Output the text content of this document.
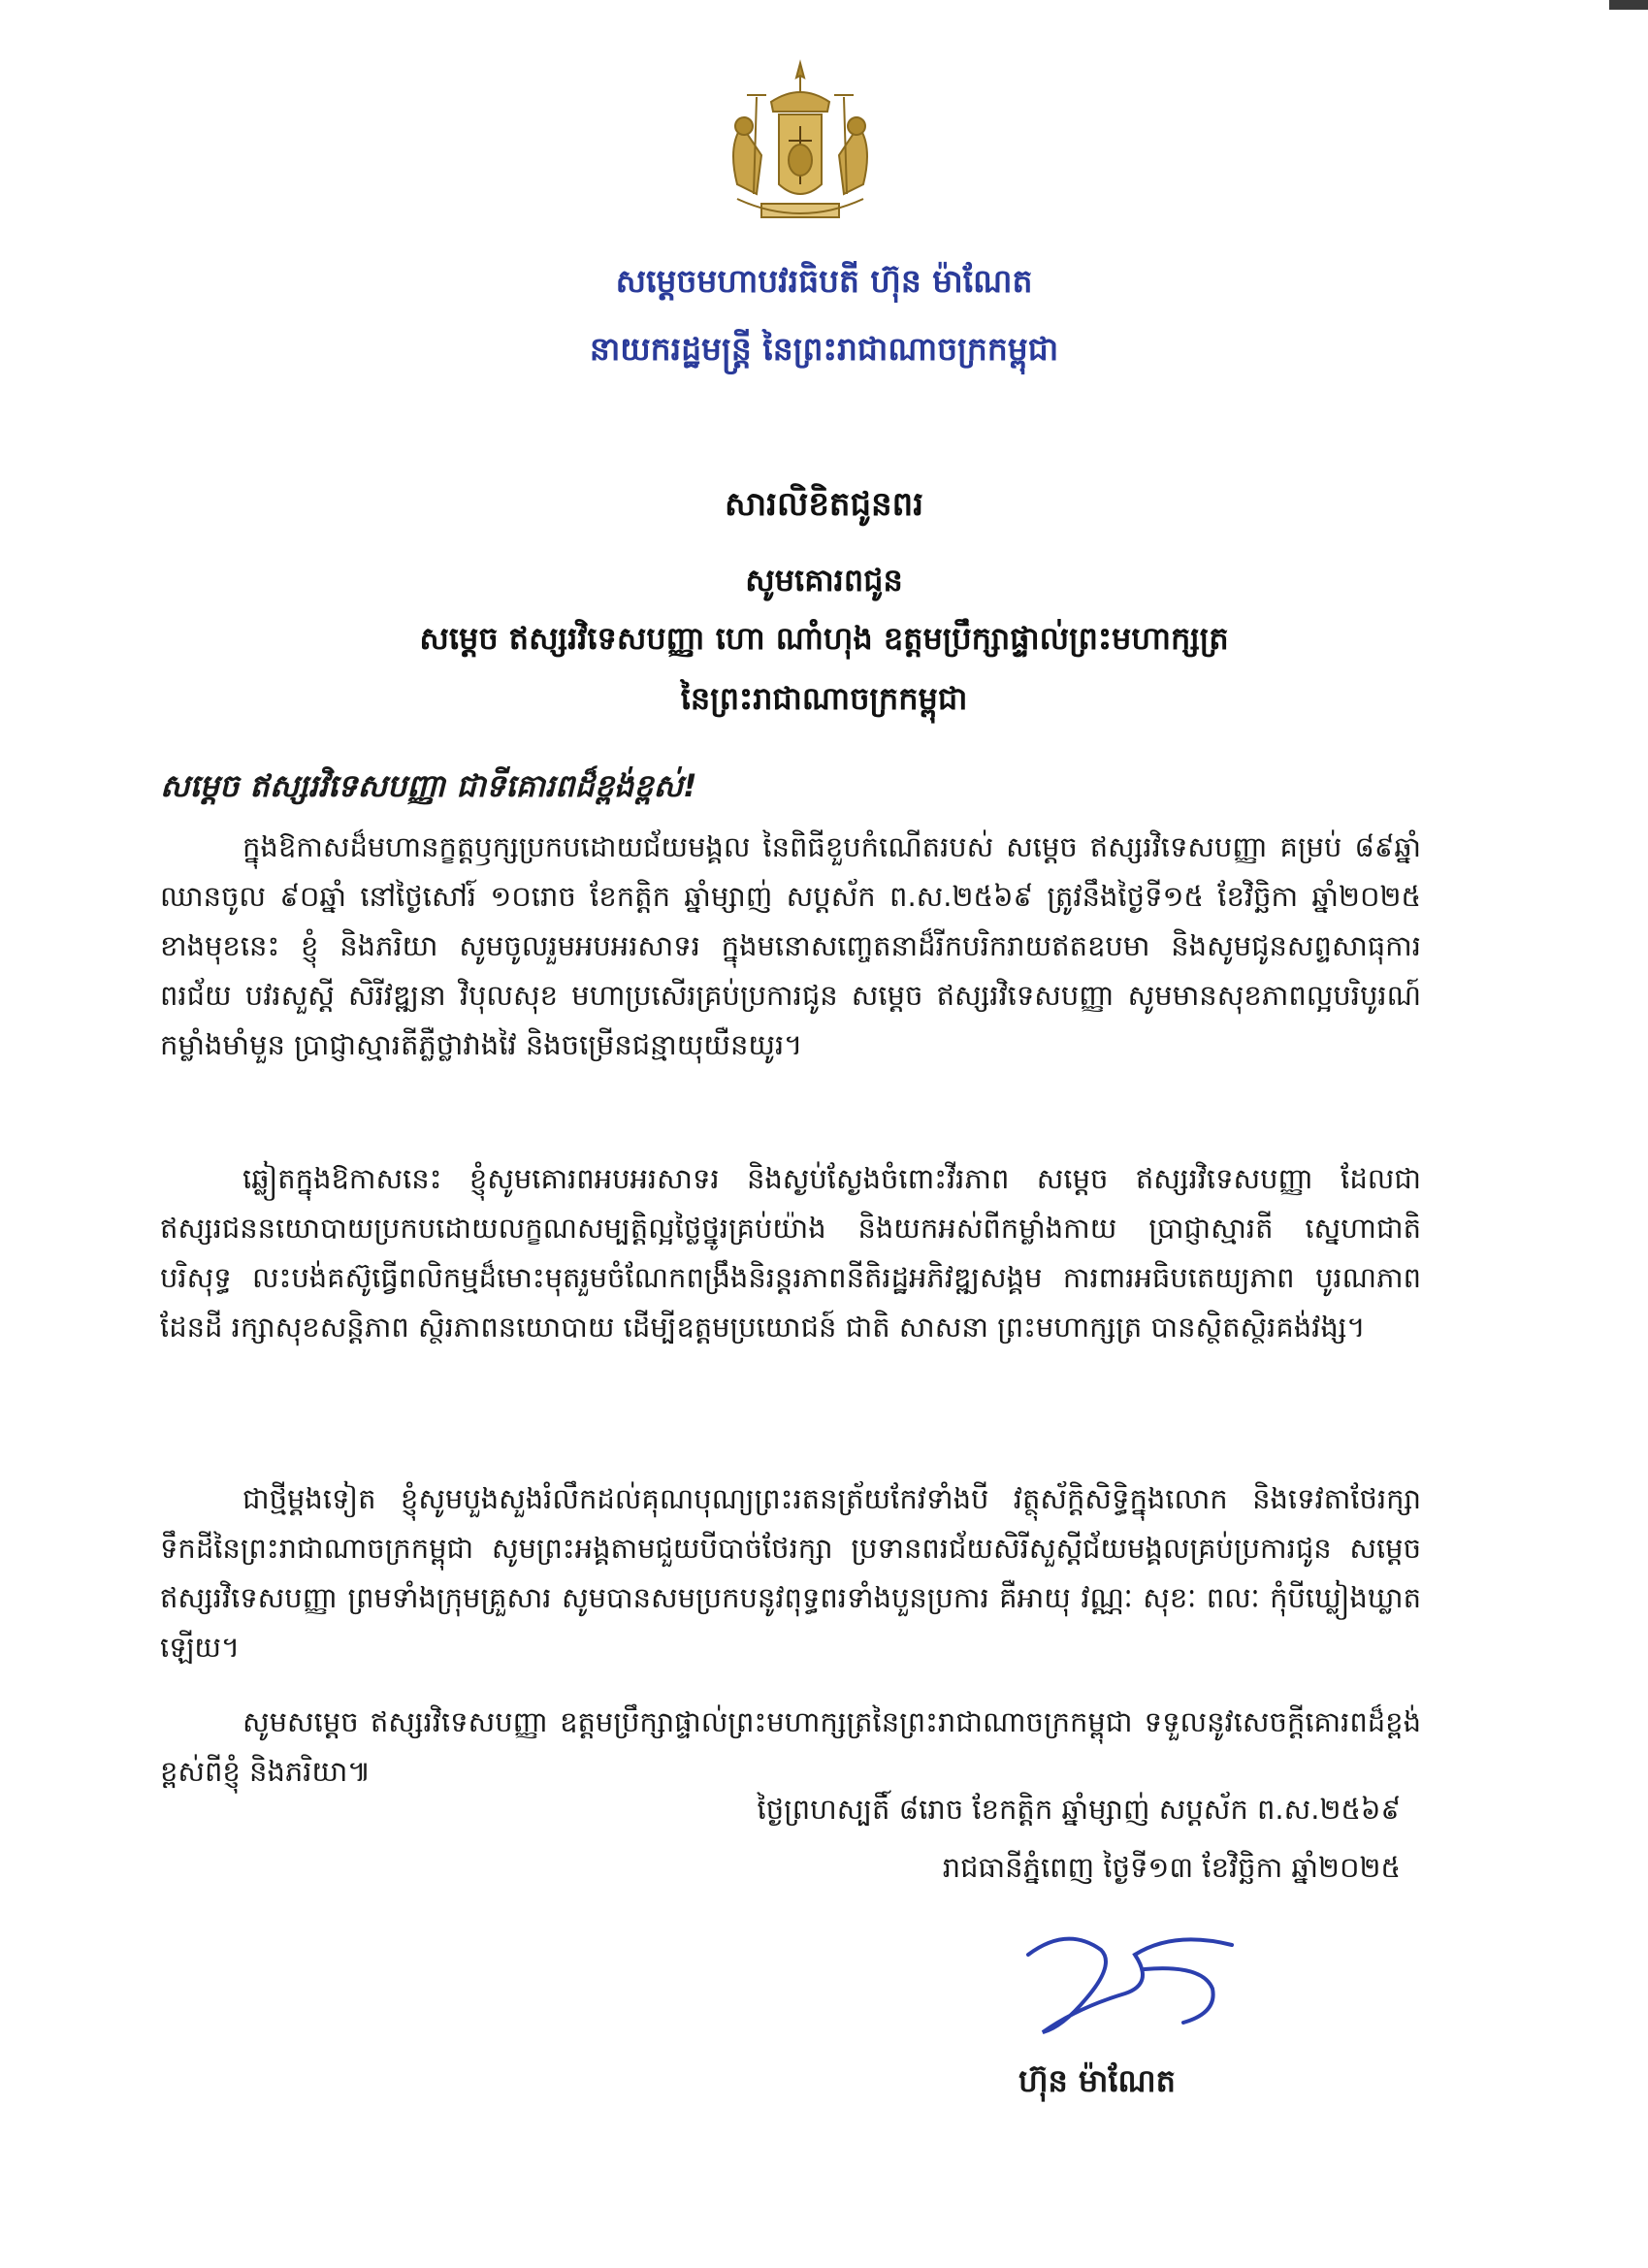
សម្តេចមហាបវរធិបតី ហ៊ុន ម៉ាណែត
នាយករដ្ឋមន្ត្រី នៃព្រះរាជាណាចក្រកម្ពុជា
សារលិខិតជូនពរ
សូមគោរពជូន
សម្តេច ឥស្សរវិទេសបញ្ញា ហោ ណាំហុង ឧត្តមប្រឹក្សាផ្ទាល់ព្រះមហាក្សត្រ
នៃព្រះរាជាណាចក្រកម្ពុជា
សម្តេច ឥស្សរវិទេសបញ្ញា ជាទីគោរពដ៏ខ្ពង់ខ្ពស់!
ក្នុងឱកាសដ៏មហានក្ខត្តឫក្សប្រកបដោយជ័យមង្គល នៃពិធីខួបកំណើតរបស់ សម្តេច ឥស្សរវិទេសបញ្ញា គម្រប់ ៨៩ឆ្នាំ ឈានចូល ៩០ឆ្នាំ នៅថ្ងៃសៅរ៍ ១០រោច ខែកត្តិក ឆ្នាំម្សាញ់ សប្តស័ក ព.ស.២៥៦៩ ត្រូវនឹងថ្ងៃទី១៥ ខែវិច្ឆិកា ឆ្នាំ២០២៥ ខាងមុខនេះ ខ្ញុំ និងភរិយា សូមចូលរួមអបអរសាទរ ក្នុងមនោសញ្ចេតនាដ៏រីកបរិករាយឥតឧបមា និងសូមជូនសព្ទសាធុការពរជ័យ បវរសួស្តី សិរីវឌ្ឍនា វិបុលសុខ មហាប្រសើរគ្រប់ប្រការជូន សម្តេច ឥស្សរវិទេសបញ្ញា សូមមានសុខភាពល្អបរិបូរណ៍ កម្លាំងមាំមួន ប្រាជ្ញាស្មារតីភ្លឺថ្លាវាងវៃ និងចម្រើនជន្មាយុយឺនយូរ។
ឆ្លៀតក្នុងឱកាសនេះ ខ្ញុំសូមគោរពអបអរសាទរ និងស្ងប់ស្ងែងចំពោះវីរភាព សម្តេច ឥស្សរវិទេសបញ្ញា ដែលជាឥស្សរជននយោបាយប្រកបដោយលក្ខណសម្បត្តិល្អថ្លៃថ្នូរគ្រប់យ៉ាង និងយកអស់ពីកម្លាំងកាយ ប្រាជ្ញាស្មារតី ស្នេហាជាតិបរិសុទ្ធ លះបង់គស៊ូធ្វើពលិកម្មដ៏មោះមុតរួមចំណែកពង្រឹងនិរន្តរភាពនីតិរដ្ឋអភិវឌ្ឍសង្គម ការពារអធិបតេយ្យភាព បូរណភាពដែនដី រក្សាសុខសន្តិភាព ស្ថិរភាពនយោបាយ ដើម្បីឧត្តមប្រយោជន៍ ជាតិ សាសនា ព្រះមហាក្សត្រ បានស្ថិតស្ថិរគង់វង្ស។
ជាថ្មីម្តងទៀត ខ្ញុំសូមបួងសួងរំលឹកដល់គុណបុណ្យព្រះរតនត្រ័យកែវទាំងបី វត្ថុស័ក្តិសិទ្ធិក្នុងលោក និងទេវតាថែរក្សាទឹកដីនៃព្រះរាជាណាចក្រកម្ពុជា សូមព្រះអង្គតាមជួយបីបាច់ថែរក្សា ប្រទានពរជ័យសិរីសួស្តីជ័យមង្គលគ្រប់ប្រការជូន សម្តេច ឥស្សរវិទេសបញ្ញា ព្រមទាំងក្រុមគ្រួសារ សូមបានសមប្រកបនូវពុទ្ធពរទាំងបួនប្រការ គឺអាយុ វណ្ណៈ សុខៈ ពលៈ កុំបីឃ្លៀងឃ្លាតឡើយ។
សូមសម្តេច ឥស្សរវិទេសបញ្ញា ឧត្តមប្រឹក្សាផ្ទាល់ព្រះមហាក្សត្រនៃព្រះរាជាណាចក្រកម្ពុជា ទទួលនូវសេចក្តីគោរពដ៏ខ្ពង់ខ្ពស់ពីខ្ញុំ និងភរិយា៕
ថ្ងៃព្រហស្បតិ៍ ៨រោច ខែកត្តិក ឆ្នាំម្សាញ់ សប្តស័ក ព.ស.២៥៦៩
រាជធានីភ្នំពេញ ថ្ងៃទី១៣ ខែវិច្ឆិកា ឆ្នាំ២០២៥
ហ៊ុន ម៉ាណែត
